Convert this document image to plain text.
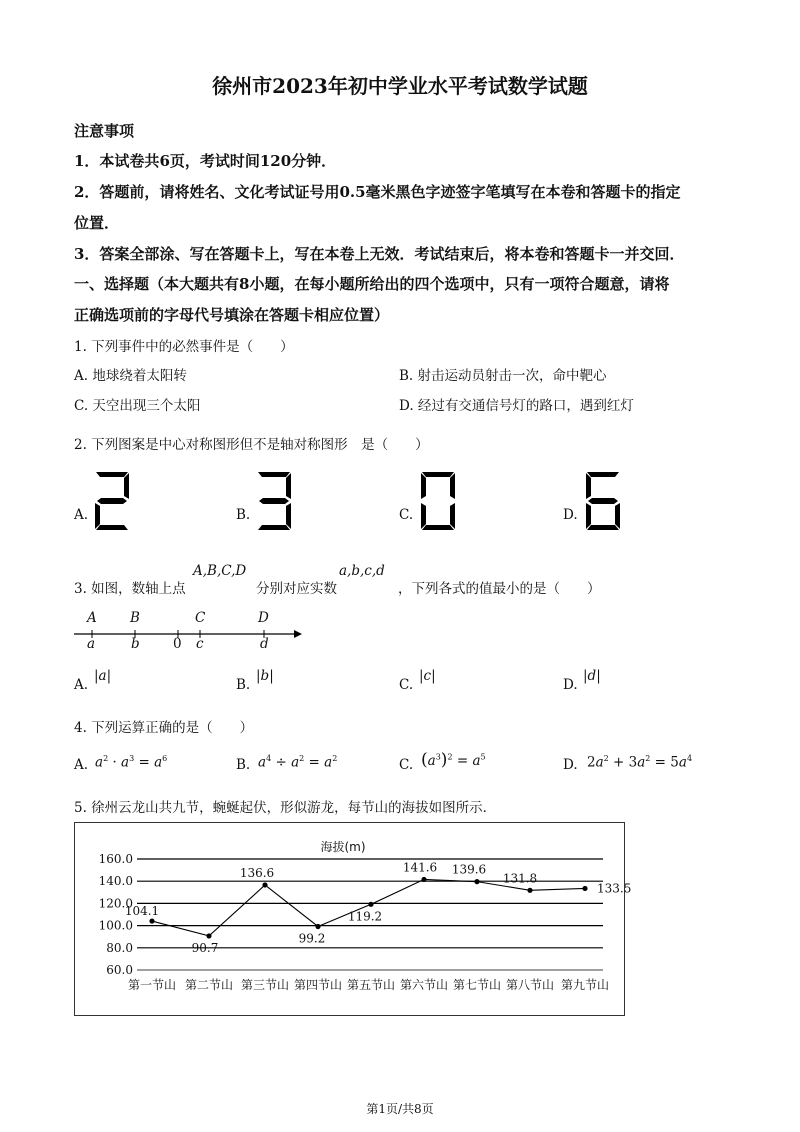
徐州市2023年初中学业水平考试数学试题
注意事项
1．本试卷共6页，考试时间120分钟．
2．答题前，请将姓名、文化考试证号用0.5毫米黑色字迹签字笔填写在本卷和答题卡的指定
位置．
3．答案全部涂、写在答题卡上，写在本卷上无效．考试结束后，将本卷和答题卡一并交回．
一、选择题（本大题共有8小题，在每小题所给出的四个选项中，只有一项符合题意，请将
正确选项前的字母代号填涂在答题卡相应位置）
1. 下列事件中的必然事件是（　　）
A. 地球绕着太阳转	B. 射击运动员射击一次，命中靶心
C. 天空出现三个太阳	D. 经过有交通信号灯的路口，遇到红灯
2. 下列图案是中心对称图形但不是轴对称图形　是（　　）
A.	B.	C.	D.
3. 如图，数轴上点
A,B,C,D
分别对应实数
a,b,c,d
，下列各式的值最小的是（　　）
A B	C	D
a	b 0 c	d
A.
|a|
B.
|b|
C.
|c|
D.
|d|
4. 下列运算正确的是（　　）
A. $a^2 \cdot a^3 = a^6$	B. $a^4 \div a^2 = a^2$	C. $(a^3)^2 = a^5$	D. $2a^2 + 3a^2 = 5a^4$
5. 徐州云龙山共九节，蜿蜒起伏，形似游龙，每节山的海拔如图所示．
海拔(m)
160.0
140.0
120.0
100.0
80.0
60.0
104.1
90.7
136.6
99.2
119.2
141.6 139.6
131.8
133.5
第一节山 第二节山 第三节山 第四节山 第五节山 第六节山 第七节山 第八节山 第九节山
第1页/共8页
